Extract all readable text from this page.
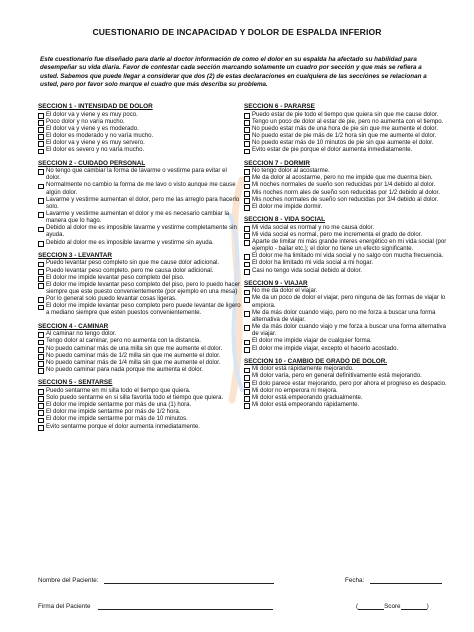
CUESTIONARIO DE INCAPACIDAD Y DOLOR DE ESPALDA INFERIOR

Este cuestionario fue diseñado para darle al doctor información de como el dolor en su espalda ha afectado su habilidad para desempeñar su vida diaria. Favor de contestar cada sección marcando solamente un cuadro por sección y que más se refiera a usted. Sabemos que puede llegar a considerar que dos (2) de estas declaraciones en cualquiera de las secciónes se relacionan a usted, pero por favor solo marque el cuadro que más describa su problema.

SECCION 1 - INTENSIDAD DE DOLOR
El dolor va y viene y es muy poco.
Poco dolor y no varía mucho.
El dolor va y viene y es moderado.
El dolor es moderado y no varía mucho.
El dolor va y viene y es muy servero.
El dolor es severo y no varía mucho.
SECCION 2 - CUIDADO PERSONAL
No tengo que cambiar la forma de lavarme o vestirme para evitar el dolor.
Normalmente no cambio la forma de me lavo o visto aunque me cause algún dolor.
Lavarme y vestirme aumentan el dolor, pero me las arreglo para hacerlo solo.
Lavarme y vestirme aumentan el dolor y me es necesario cambiar la manera que lo hago.
Debido al dolor me es imposible lavarme y vestirme completamente sin ayuda.
Debido al dolor me es imposible lavarme y vestirme sin ayuda.
SECCION 3 - LEVANTAR
Puedo levantar peso completo sin que me cause dolor adicional.
Puedo levantar peso completo. pero me causa dolor adicional.
El dolor me impide levantar peso completo del piso.
El dolor me impide levantar peso completo del piso, pero lo puedo hacer siempre que este puesto convenientemente (por ejemplo en una mesa)
Por lo general solo puedo levantar cosas ligeras.
El dolor me impide levantar peso completo pero puede levantar de ligero a mediano siempre que esten puestos convenientemente.
SECCION 4 - CAMINAR
Al caminar no tengo dolor.
Tengo dolor al caminar, pero no aumenta con la distancia.
No puedo caminar más de una milla sin que me aumente el dolor.
No puedo caminar más de 1/2 milla sin que me aumente el dolor.
No puedo caminar más de 1/4 milla sin que me aumente el dolor.
No puedo caminar para nada porque me aumenta el dolor.
SECCION 5 - SENTARSE
Puedo sentarme en mi silla todo el tiempo que quiera.
Solo puedo sentarme en si silla favorita todo el tiempo que quiera.
El dolor me impide sentarme por más de una (1) hora.
El dolor me impide sentarme por más de 1/2 hora.
El dolor me impide sentarme por más de 10 minutos.
Evito sentarme porque el dolor aumenta inmediatamente.
SECCION 6 - PARARSE
Puedo estar de pie todo el tiempo que quiera sin que me cause dolor.
Tengo un poco de dolor al estar de pie, pero no aumenta con el tiempo.
No puedo estar más de una hora de pie sin que me aumente el dolor.
No puedo estar de pie más de 1/2 hora sin que me aumente el dolor.
No puedo estar más de 10 minutos de pie sin que aumente el dolor.
Evito estar de pie porque el dolor aumenta inmediatamente.
SECCION 7 - DORMIR
No tengo dolor al acostarme.
Me da dolor al acostarme, pero no me impide que me duerma bien.
Mi noches normales de sueño son reducidas por 1/4 debido al dolor.
Mis noches norm ales de sueño son reducidas por 1/2 debido al dolor.
Mis noches normales de sueño son reducidas por 3/4 debido al dolor.
El dolor me impide dormir.
SECCION 8 - VIDA SOCIAL
Mi vida social es normal y no me causa dolor.
Mi vida social es normal, pero me incrementa el grado de dolor.
Aparte de limitar mi más grande interes energético en mi vida social (por ejemplo - bailar etc.); el dolor no tiene un efecto significante.
El dolor me ha limitado mi vida social y no salgo con mucha frecuencia.
El dolor ha limitado mi vida social a mi hogar.
Casi no tengo vida social debido al dolor.
SECCION 9 - VIAJAR
No me da dolor el viajar.
Me da un poco de dolor el viajar, pero ninguna de las formas de viajar lo empiora.
Me da más dolor cuando viajo, pero no me forza a buscar una forma alternativa de viajar.
Me da más dolor cuando viajo y me forza a buscar una forma alternativa de viajar.
El dolor me impide viajar de cualquier forma.
El dolor me impide viajar, excepto el hacerlo acostado.
SECCION 10 - CAMBIO DE GRADO DE DOLOR.
Mi dolor está rápidamente mejorando.
Mi dolor varía, pero en general definitivamente está mejorando.
El dolo parece estar mejorando, pero por ahora el progreso es despacio.
Mi dolor no emperora ni mejora.
Mi dolor está empeorando gradualmente.
Mi dolor está empeorando rápidamente.
Nombre del Paciente:	Fecha:
Firma del Paciente	(	Score	)
